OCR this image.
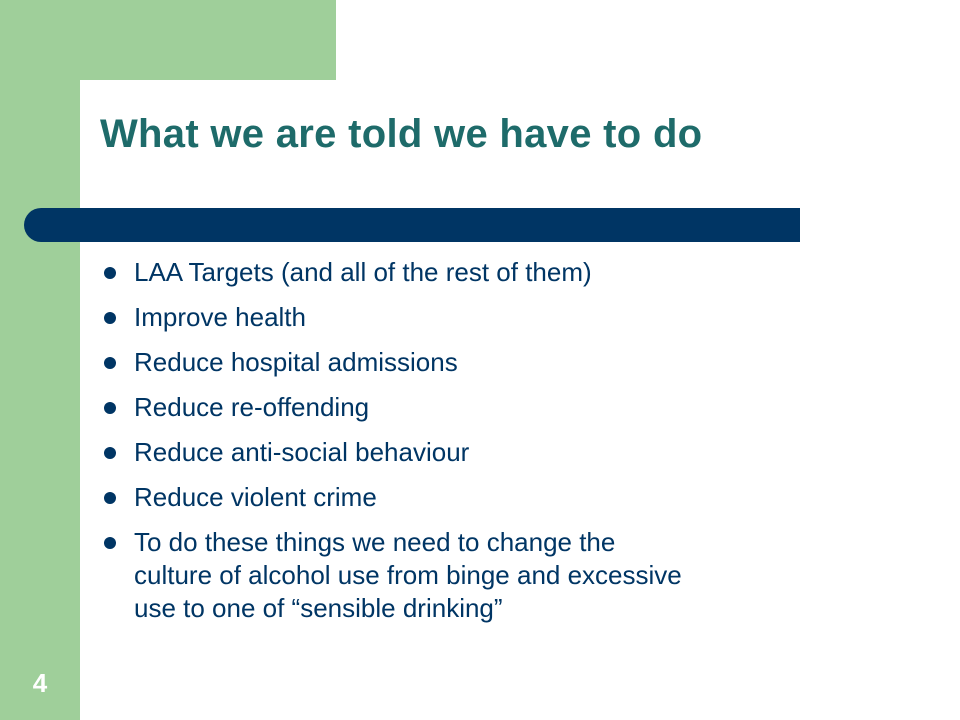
What we are told we have to do
LAA Targets (and all of the rest of them)
Improve health
Reduce hospital admissions
Reduce re-offending
Reduce anti-social behaviour
Reduce violent crime
To do these things we need to change the
culture of alcohol use from binge and excessive
use to one of “sensible drinking”
4
